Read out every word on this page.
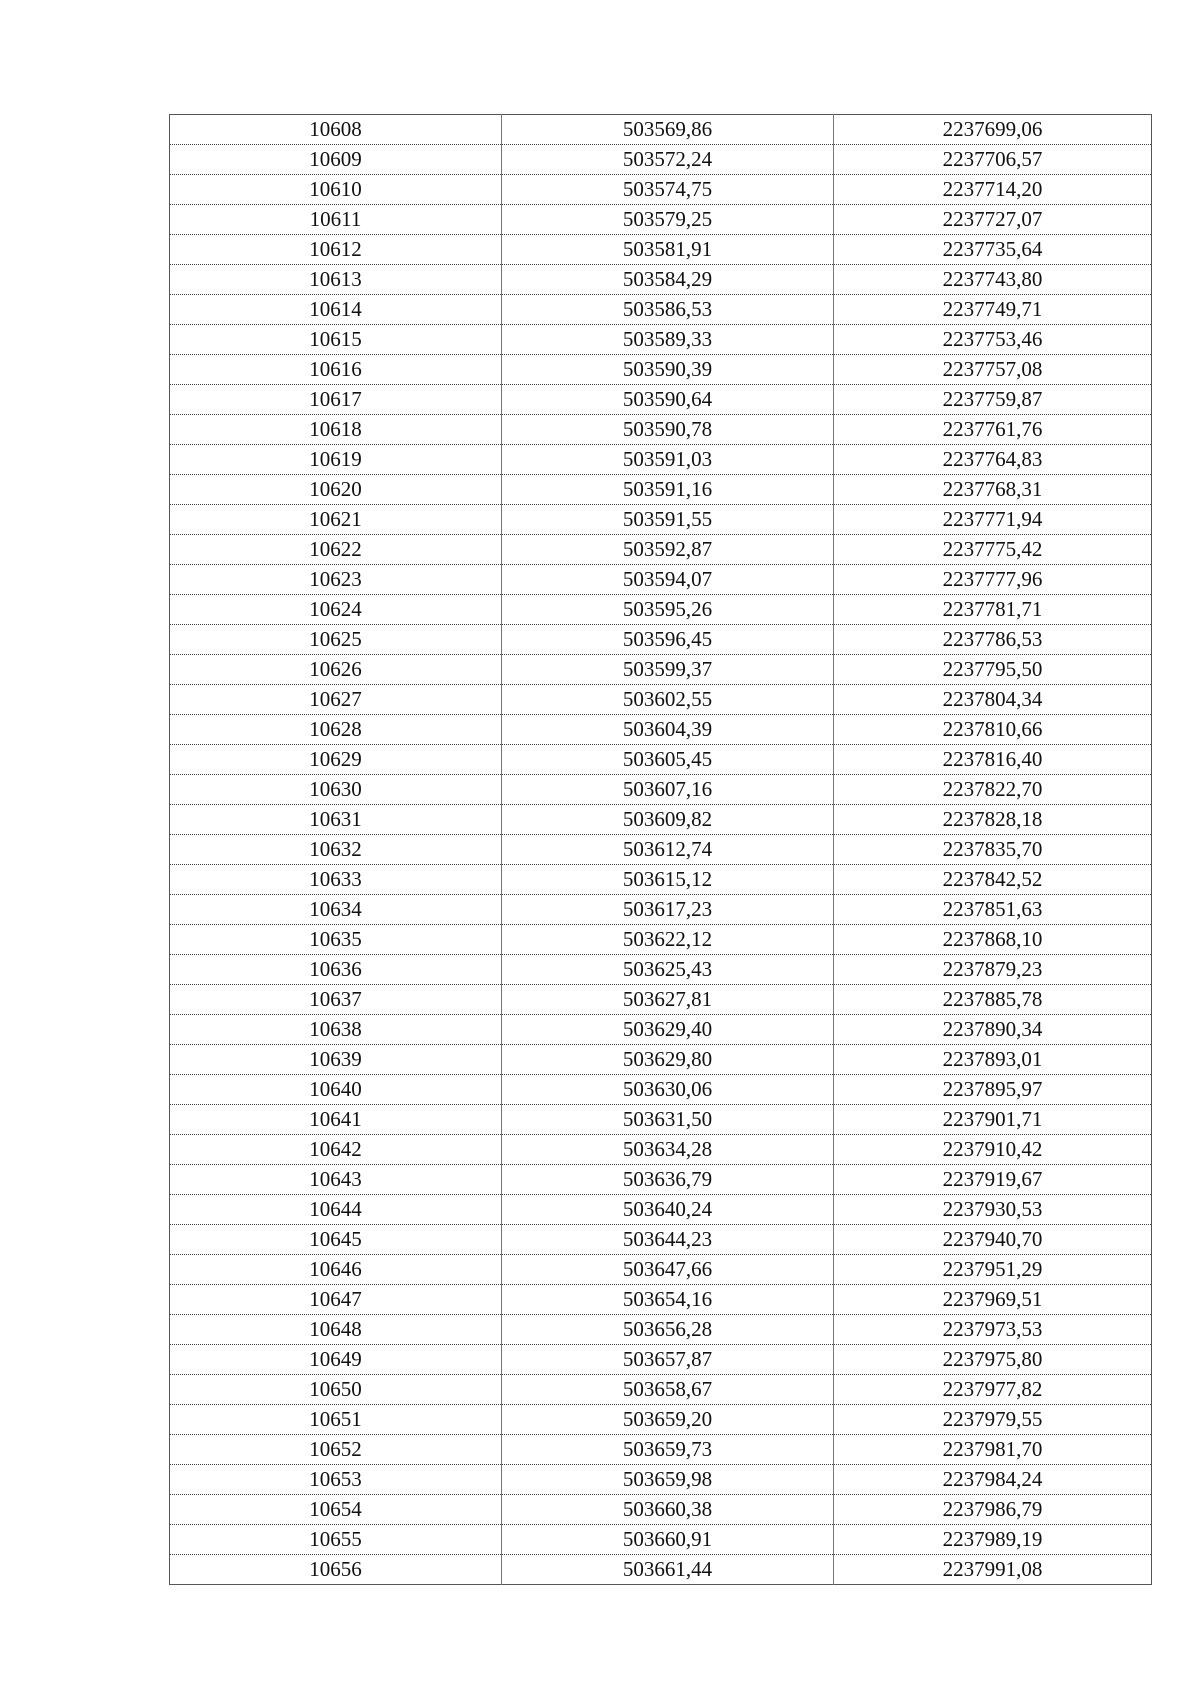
10608	503569,86	2237699,06
10609	503572,24	2237706,57
10610	503574,75	2237714,20
10611	503579,25	2237727,07
10612	503581,91	2237735,64
10613	503584,29	2237743,80
10614	503586,53	2237749,71
10615	503589,33	2237753,46
10616	503590,39	2237757,08
10617	503590,64	2237759,87
10618	503590,78	2237761,76
10619	503591,03	2237764,83
10620	503591,16	2237768,31
10621	503591,55	2237771,94
10622	503592,87	2237775,42
10623	503594,07	2237777,96
10624	503595,26	2237781,71
10625	503596,45	2237786,53
10626	503599,37	2237795,50
10627	503602,55	2237804,34
10628	503604,39	2237810,66
10629	503605,45	2237816,40
10630	503607,16	2237822,70
10631	503609,82	2237828,18
10632	503612,74	2237835,70
10633	503615,12	2237842,52
10634	503617,23	2237851,63
10635	503622,12	2237868,10
10636	503625,43	2237879,23
10637	503627,81	2237885,78
10638	503629,40	2237890,34
10639	503629,80	2237893,01
10640	503630,06	2237895,97
10641	503631,50	2237901,71
10642	503634,28	2237910,42
10643	503636,79	2237919,67
10644	503640,24	2237930,53
10645	503644,23	2237940,70
10646	503647,66	2237951,29
10647	503654,16	2237969,51
10648	503656,28	2237973,53
10649	503657,87	2237975,80
10650	503658,67	2237977,82
10651	503659,20	2237979,55
10652	503659,73	2237981,70
10653	503659,98	2237984,24
10654	503660,38	2237986,79
10655	503660,91	2237989,19
10656	503661,44	2237991,08
